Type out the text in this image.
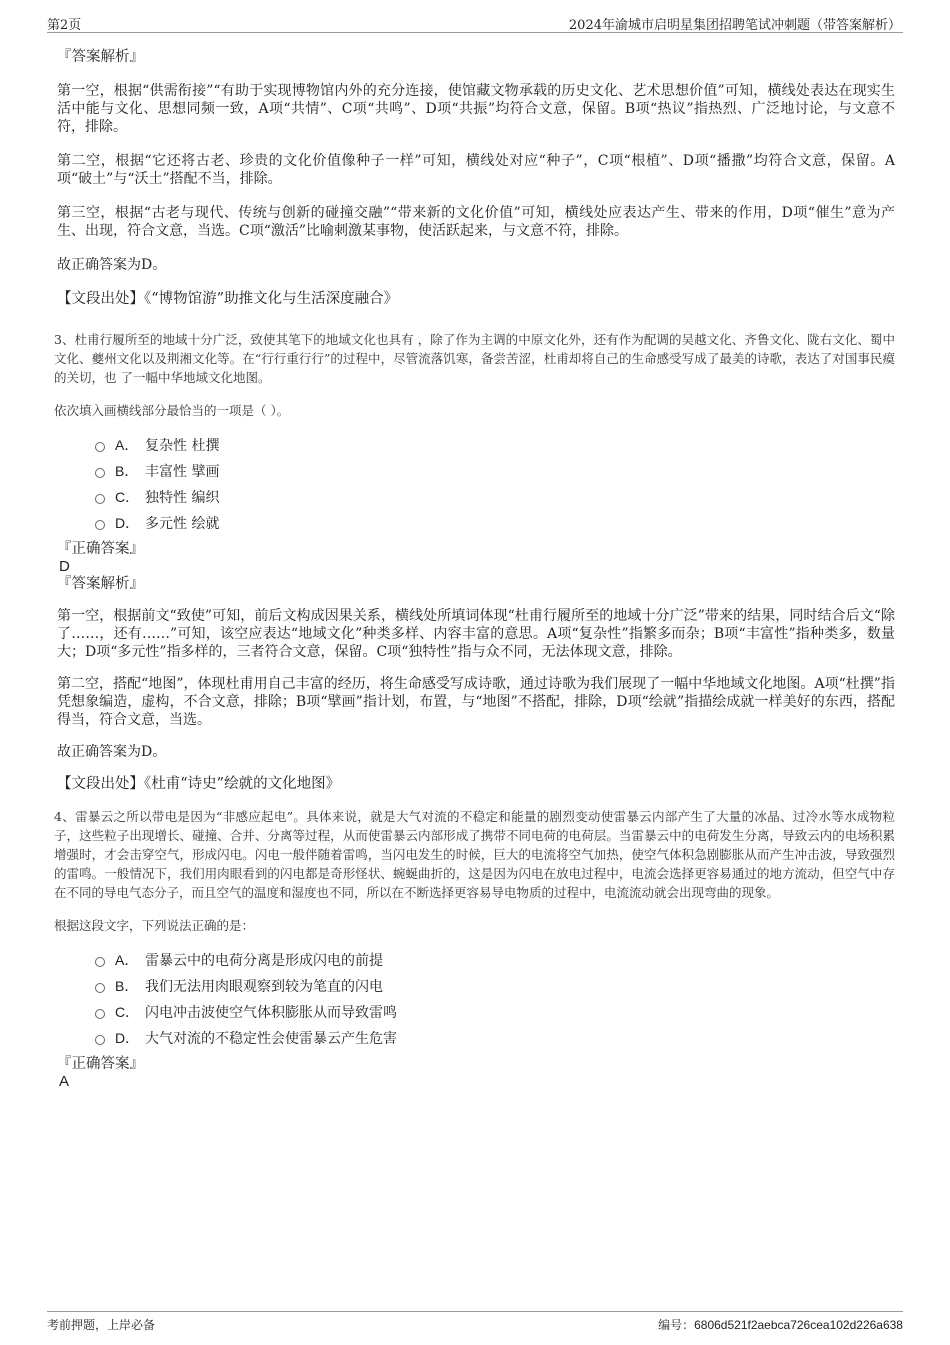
第2页	2024年渝城市启明星集团招聘笔试冲刺题（带答案解析）
『答案解析』
第一空，根据“供需衔接”“有助于实现博物馆内外的充分连接，使馆藏文物承载的历史文化、艺术思想价值”可知，横线处表达在现实生活中能与文化、思想同频一致，A项“共情”、C项“共鸣”、D项“共振”均符合文意，保留。B项“热议”指热烈、广泛地讨论，与文意不符，排除。
第二空，根据“它还将古老、珍贵的文化价值像种子一样”可知，横线处对应“种子”，C项“根植”、D项“播撒”均符合文意，保留。A项“破土”与“沃土”搭配不当，排除。
第三空，根据“古老与现代、传统与创新的碰撞交融”“带来新的文化价值”可知，横线处应表达产生、带来的作用，D项“催生”意为产生、出现，符合文意，当选。C项“激活”比喻刺激某事物，使活跃起来，与文意不符，排除。
故正确答案为D。
【文段出处】《“博物馆游”助推文化与生活深度融合》
3、杜甫行履所至的地域十分广泛，致使其笔下的地域文化也具有 ，除了作为主调的中原文化外，还有作为配调的吴越文化、齐鲁文化、陇右文化、蜀中文化、夔州文化以及荆湘文化等。在“行行重行行”的过程中，尽管流落饥寒，备尝苦涩，杜甫却将自己的生命感受写成了最美的诗歌，表达了对国事民瘼的关切，也 了一幅中华地域文化地图。
依次填入画横线部分最恰当的一项是（ ）。
A． 复杂性 杜撰
B． 丰富性 擘画
C． 独特性 编织
D． 多元性 绘就
『正确答案』
D
『答案解析』
第一空，根据前文“致使”可知，前后文构成因果关系，横线处所填词体现“杜甫行履所至的地域十分广泛”带来的结果，同时结合后文“除了……，还有……”可知，该空应表达“地域文化”种类多样、内容丰富的意思。A项“复杂性”指繁多而杂；B项“丰富性”指种类多，数量大；D项“多元性”指多样的，三者符合文意，保留。C项“独特性”指与众不同，无法体现文意，排除。
第二空，搭配“地图”，体现杜甫用自己丰富的经历，将生命感受写成诗歌，通过诗歌为我们展现了一幅中华地域文化地图。A项“杜撰”指凭想象编造，虚构，不合文意，排除；B项“擘画”指计划，布置，与“地图”不搭配，排除，D项“绘就”指描绘成就一样美好的东西，搭配得当，符合文意，当选。
故正确答案为D。
【文段出处】《杜甫“诗史”绘就的文化地图》
4、雷暴云之所以带电是因为“非感应起电”。具体来说，就是大气对流的不稳定和能量的剧烈变动使雷暴云内部产生了大量的冰晶、过冷水等水成物粒子，这些粒子出现增长、碰撞、合并、分离等过程，从而使雷暴云内部形成了携带不同电荷的电荷层。当雷暴云中的电荷发生分离，导致云内的电场积累增强时，才会击穿空气，形成闪电。闪电一般伴随着雷鸣，当闪电发生的时候，巨大的电流将空气加热，使空气体积急剧膨胀从而产生冲击波，导致强烈的雷鸣。一般情况下，我们用肉眼看到的闪电都是奇形怪状、蜿蜒曲折的，这是因为闪电在放电过程中，电流会选择更容易通过的地方流动，但空气中存在不同的导电气态分子，而且空气的温度和湿度也不同，所以在不断选择更容易导电物质的过程中，电流流动就会出现弯曲的现象。
根据这段文字，下列说法正确的是：
A． 雷暴云中的电荷分离是形成闪电的前提
B． 我们无法用肉眼观察到较为笔直的闪电
C． 闪电冲击波使空气体积膨胀从而导致雷鸣
D． 大气对流的不稳定性会使雷暴云产生危害
『正确答案』
A
考前押题，上岸必备	编号：6806d521f2aebca726cea102d226a638
